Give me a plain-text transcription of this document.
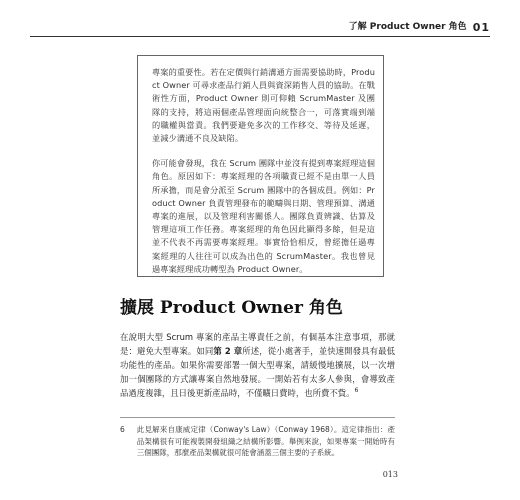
了解 Product Owner 角色 01

專案的重要性。若在定價與行銷溝通方面需要協助時，Product Owner 可尋求產品行銷人員與資深銷售人員的協助。在戰術性方面，Product Owner 則可仰賴 ScrumMaster 及團隊的支持，將這兩個產品管理面向統整合一，可落實端到端的職權與當責。我們要避免多次的工作移交、等待及延遲，並減少溝通不良及缺陷。

你可能會發現，我在 Scrum 團隊中並沒有提到專案經理這個角色。原因如下：專案經理的各項職責已經不是由單一人員所承擔，而是會分派至 Scrum 團隊中的各個成員。例如：Product Owner 負責管理發布的範疇與日期、管理預算、溝通專案的進展，以及管理利害關係人。團隊負責辨識、估算及管理這項工作任務。專案經理的角色因此顯得多餘，但是這並不代表不再需要專案經理。事實恰恰相反，曾經擔任過專案經理的人往往可以成為出色的 ScrumMaster。我也曾見過專案經理成功轉型為 Product Owner。

擴展 Product Owner 角色

在說明大型 Scrum 專案的產品主導責任之前，有個基本注意事項，那就是：避免大型專案。如同第 2 章所述，從小處著手，並快速開發具有最低功能性的產品。如果你需要部署一個大型專案，請緩慢地擴展，以一次增加一個團隊的方式讓專案自然地發展。一開始若有太多人參與，會導致產品過度複雜，且日後更新產品時，不僅曠日費時，也所費不貲。$^6$

6 此見解來自康威定律（Conway's Law）（Conway 1968）。這定律指出：產品架構很有可能複製開發組織之結構所影響。舉例來說，如果專案一開始時有三個團隊，那麼產品架構就很可能會涵蓋三個主要的子系統。
013
